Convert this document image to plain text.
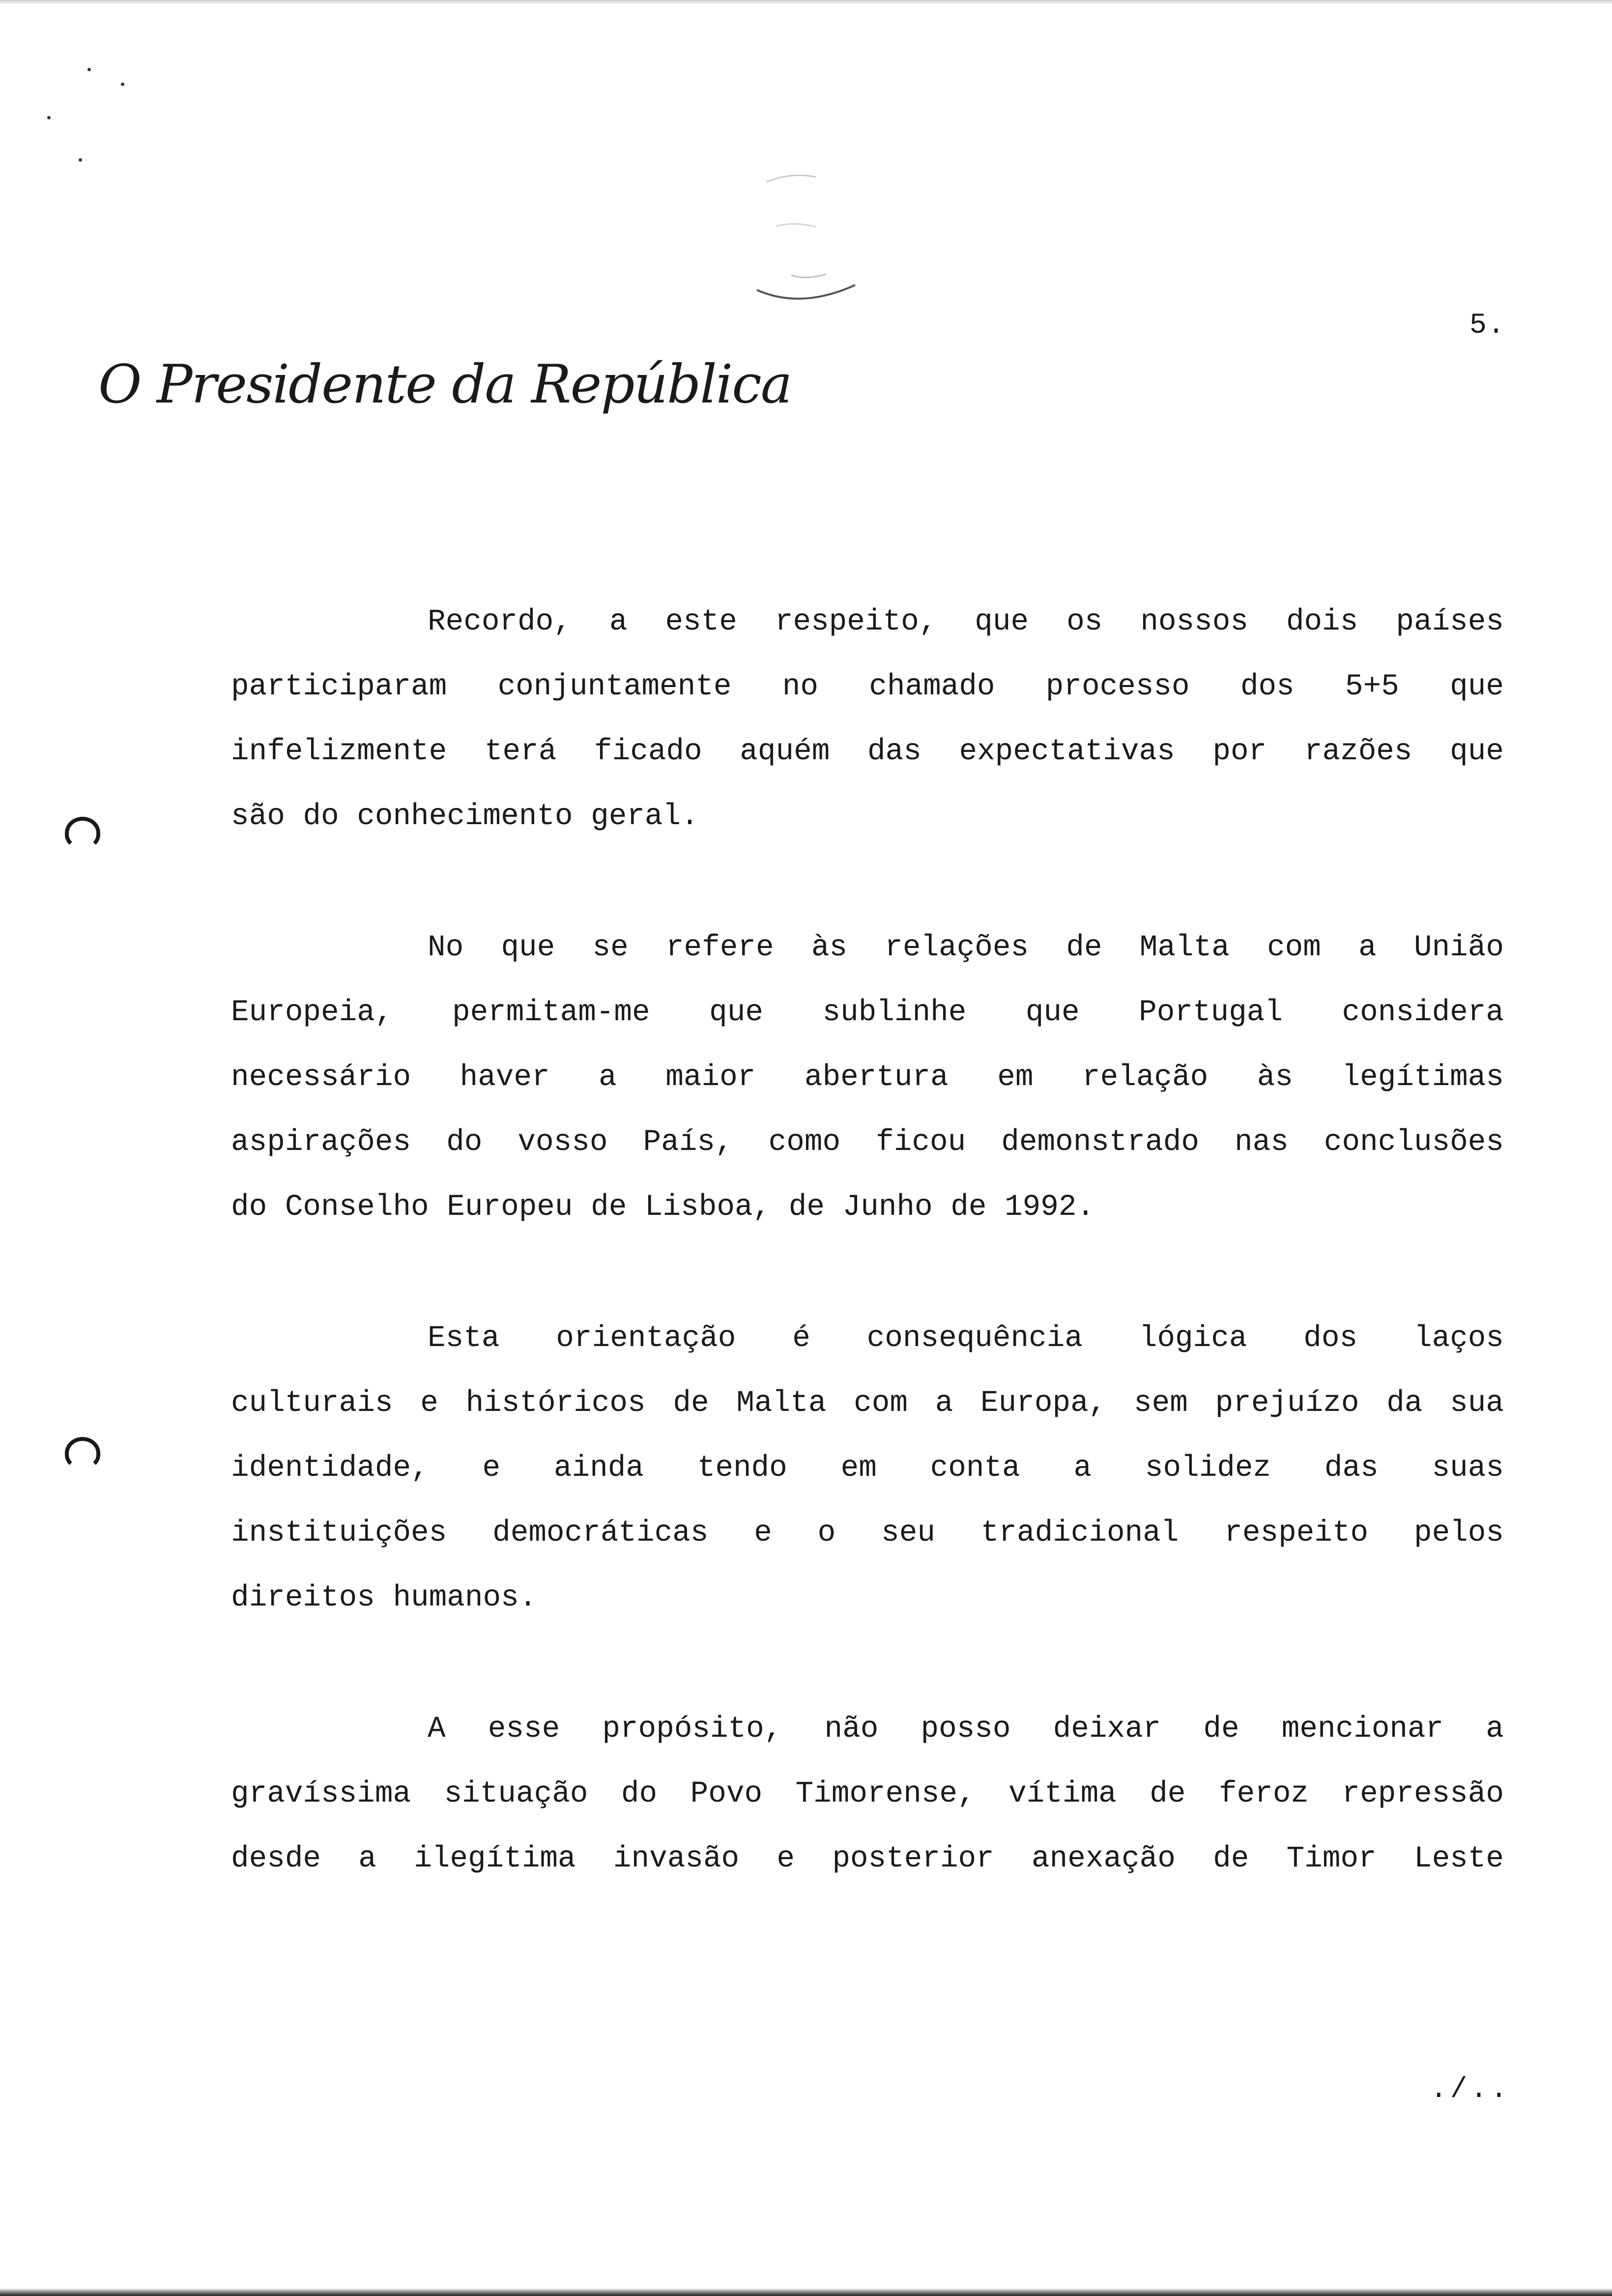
5.
O Presidente da República
Recordo, a este respeito, que os nossos dois países
participaram conjuntamente no chamado processo dos 5+5 que
infelizmente terá ficado aquém das expectativas por razões que
são do conhecimento geral.
No que se refere às relações de Malta com a União
Europeia, permitam-me que sublinhe que Portugal considera
necessário haver a maior abertura em relação às legítimas
aspirações do vosso País, como ficou demonstrado nas conclusões
do Conselho Europeu de Lisboa, de Junho de 1992.
Esta orientação é consequência lógica dos laços
culturais e históricos de Malta com a Europa, sem prejuízo da sua
identidade, e ainda tendo em conta a solidez das suas
instituições democráticas e o seu tradicional respeito pelos
direitos humanos.
A esse propósito, não posso deixar de mencionar a
gravíssima situação do Povo Timorense, vítima de feroz repressão
desde a ilegítima invasão e posterior anexação de Timor Leste
./..
